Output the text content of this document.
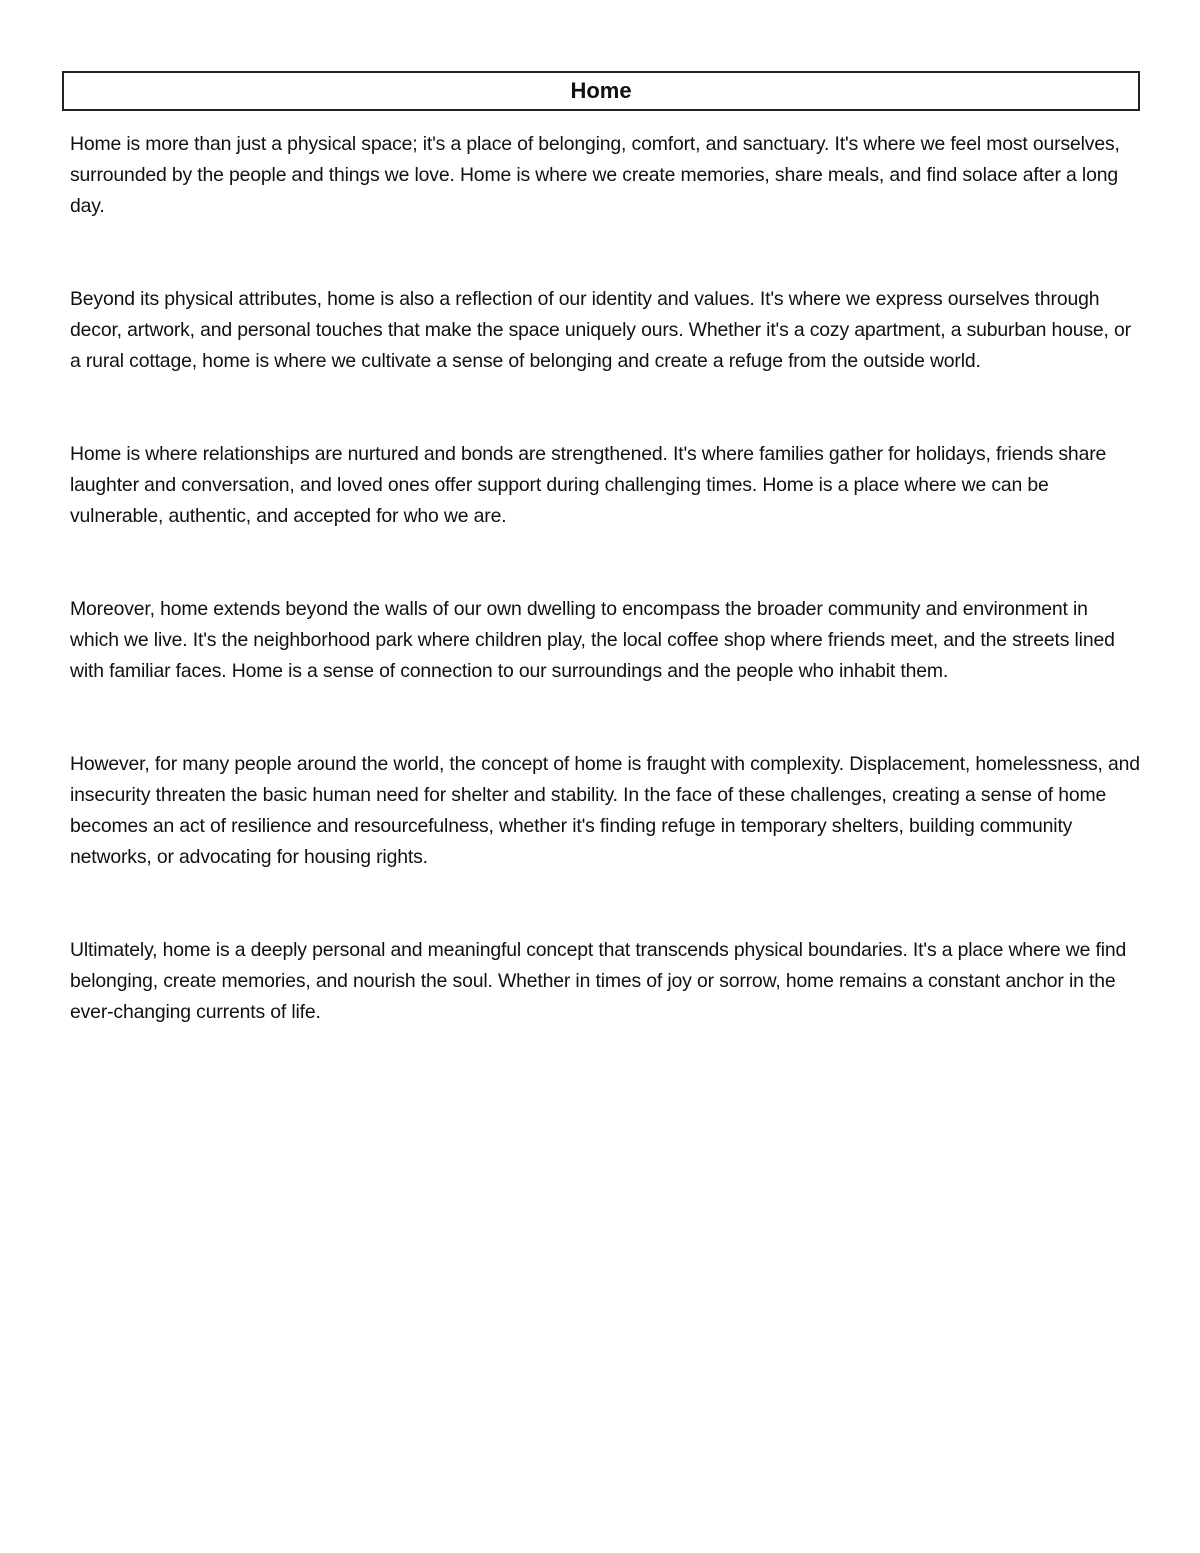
Home

Home is more than just a physical space; it's a place of belonging, comfort, and sanctuary. It's where we feel most ourselves, surrounded by the people and things we love. Home is where we create memories, share meals, and find solace after a long day.

Beyond its physical attributes, home is also a reflection of our identity and values. It's where we express ourselves through decor, artwork, and personal touches that make the space uniquely ours. Whether it's a cozy apartment, a suburban house, or a rural cottage, home is where we cultivate a sense of belonging and create a refuge from the outside world.

Home is where relationships are nurtured and bonds are strengthened. It's where families gather for holidays, friends share laughter and conversation, and loved ones offer support during challenging times. Home is a place where we can be vulnerable, authentic, and accepted for who we are.

Moreover, home extends beyond the walls of our own dwelling to encompass the broader community and environment in which we live. It's the neighborhood park where children play, the local coffee shop where friends meet, and the streets lined with familiar faces. Home is a sense of connection to our surroundings and the people who inhabit them.

However, for many people around the world, the concept of home is fraught with complexity. Displacement, homelessness, and insecurity threaten the basic human need for shelter and stability. In the face of these challenges, creating a sense of home becomes an act of resilience and resourcefulness, whether it's finding refuge in temporary shelters, building community networks, or advocating for housing rights.

Ultimately, home is a deeply personal and meaningful concept that transcends physical boundaries. It's a place where we find belonging, create memories, and nourish the soul. Whether in times of joy or sorrow, home remains a constant anchor in the ever-changing currents of life.
